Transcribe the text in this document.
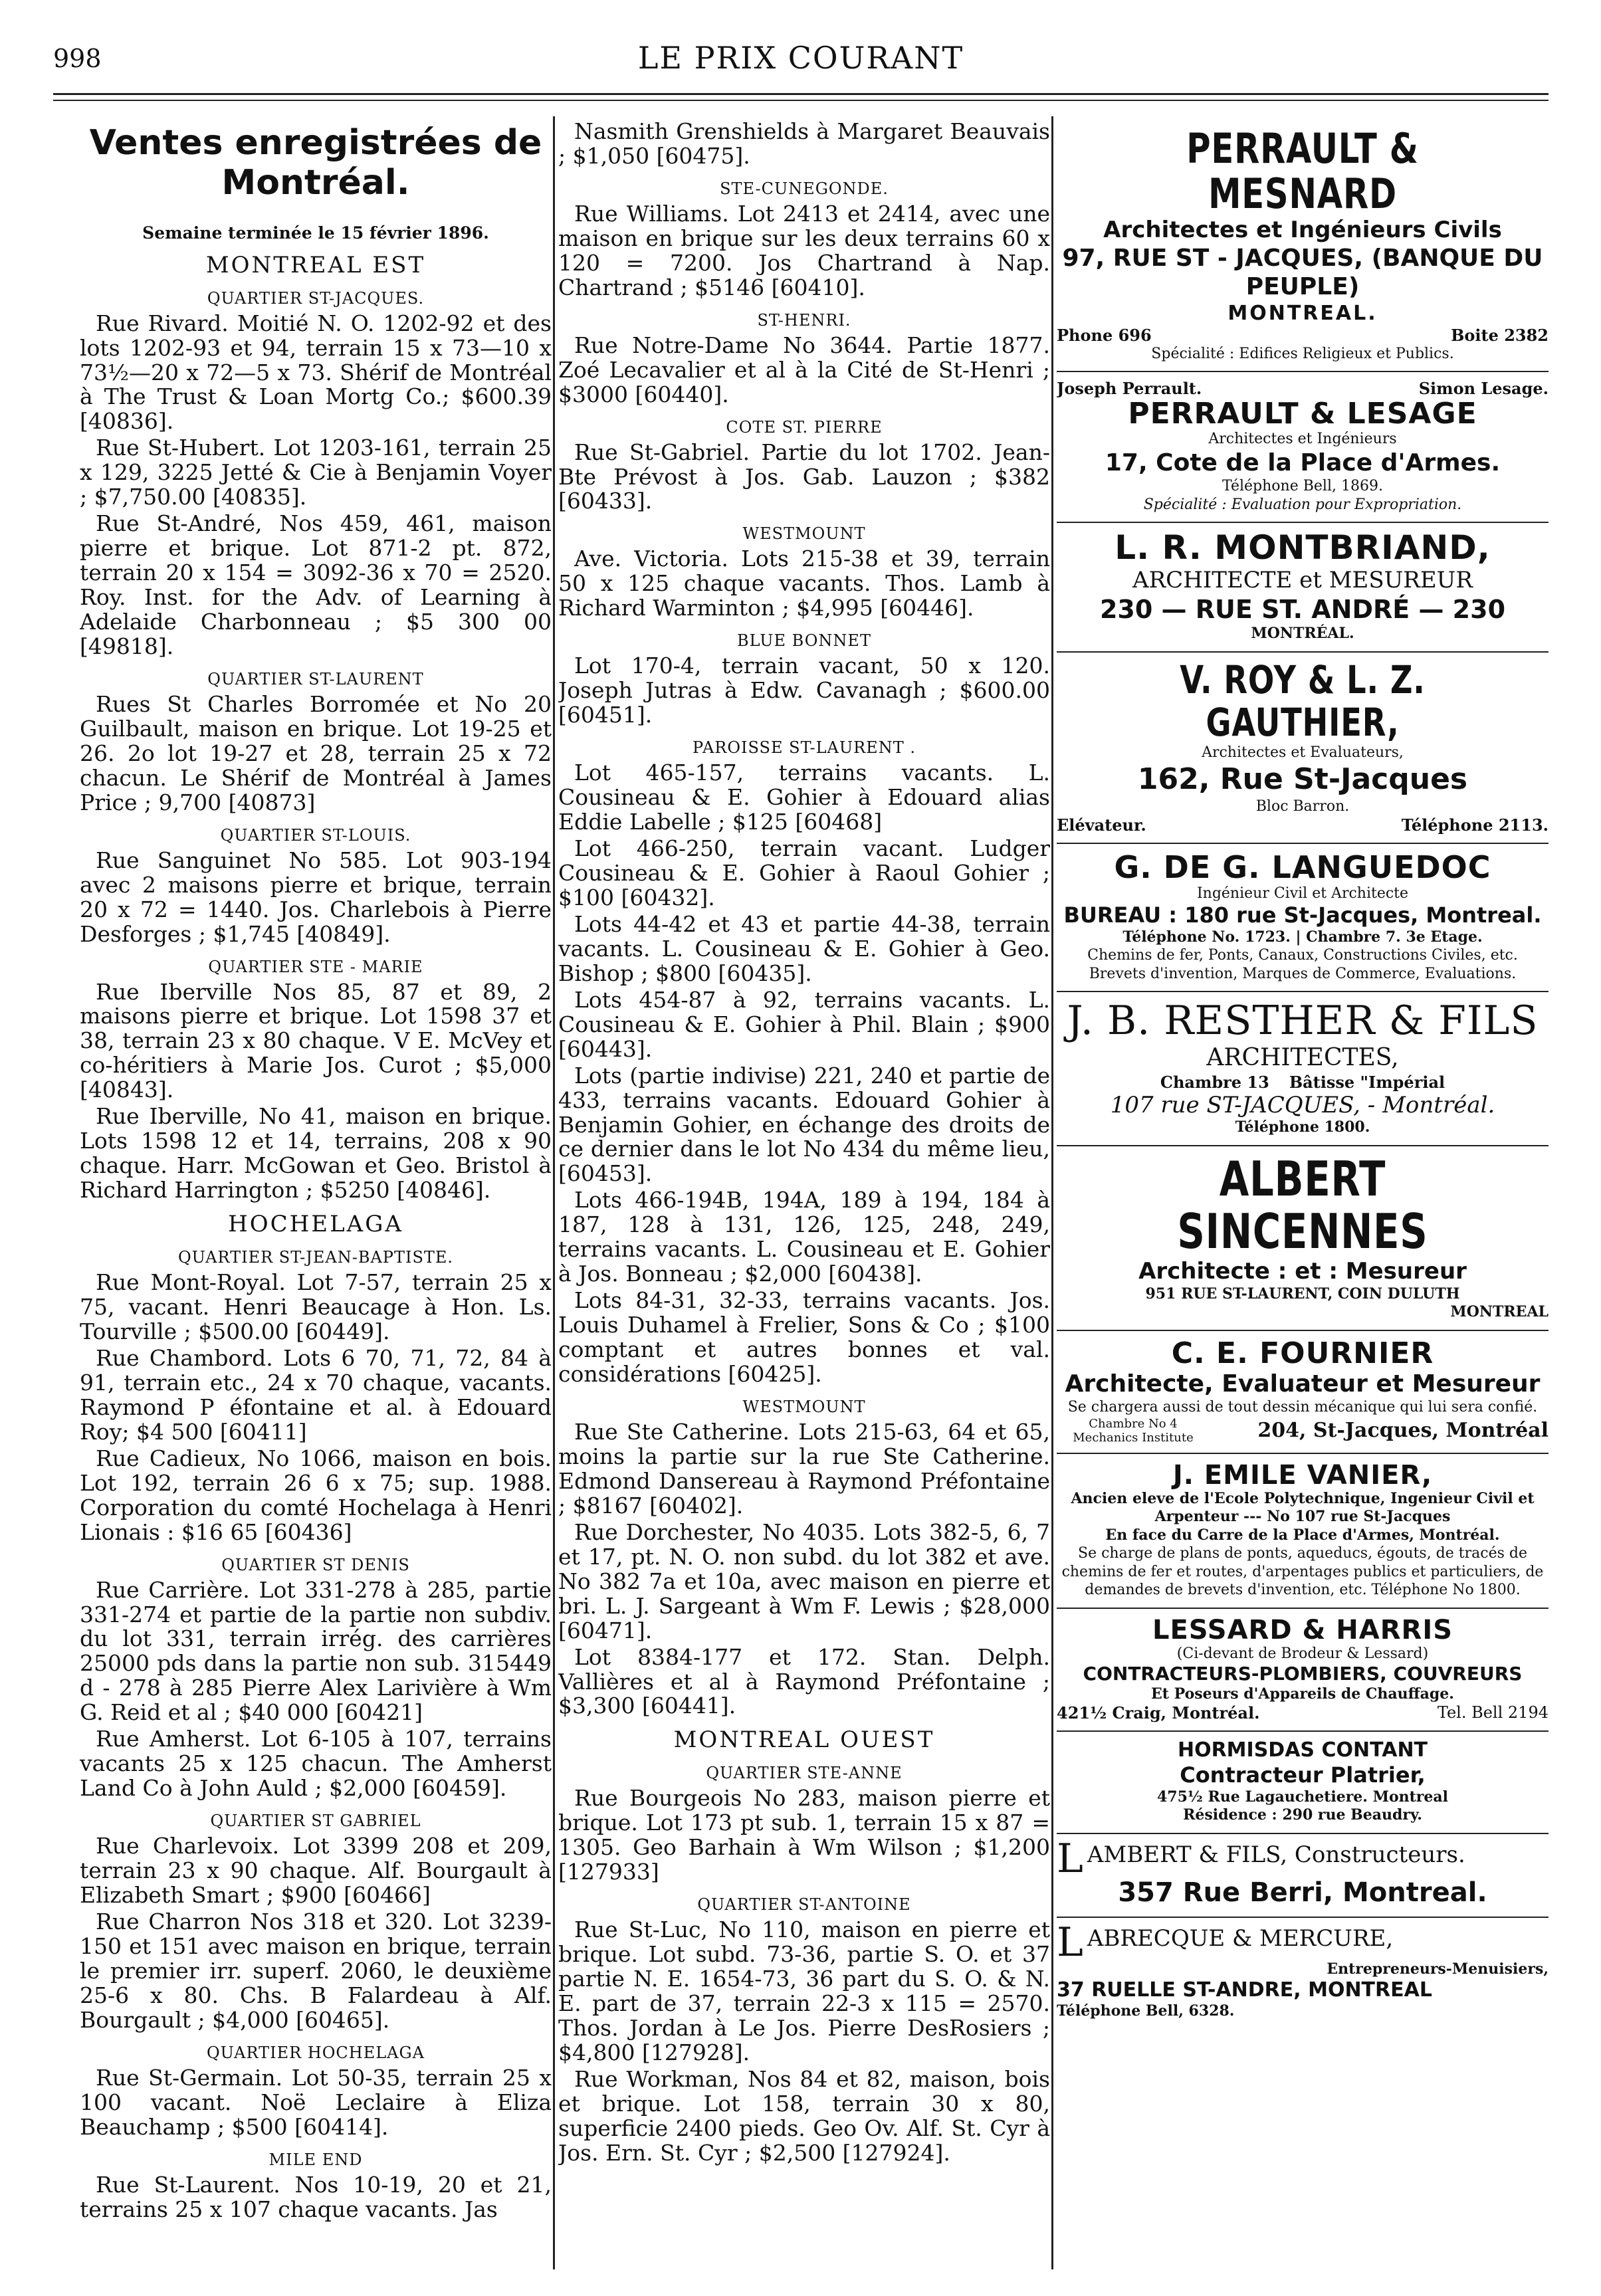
998	LE PRIX COURANT
Ventes enregistrées de Montréal.
Semaine terminée le 15 février 1896.
MONTREAL EST
QUARTIER ST-JACQUES.
Rue Rivard. Moitié N. O. 1202-92 et des lots 1202-93 et 94, terrain 15 x 73—10 x 73½—20 x 72—5 x 73. Shérif de Montréal à The Trust & Loan Mortg Co.; $600.39 [40836].
Rue St-Hubert. Lot 1203-161, terrain 25 x 129, 3225 Jetté & Cie à Benjamin Voyer ; $7,750.00 [40835].
Rue St-André, Nos 459, 461, maison pierre et brique. Lot 871-2 pt. 872, terrain 20 x 154 = 3092-36 x 70 = 2520. Roy. Inst. for the Adv. of Learning à Adelaide Charbonneau ; $5 300 00 [49818].
QUARTIER ST-LAURENT
Rues St Charles Borromée et No 20 Guilbault, maison en brique. Lot 19-25 et 26. 2o lot 19-27 et 28, terrain 25 x 72 chacun. Le Shérif de Montréal à James Price ; 9,700 [40873]
QUARTIER ST-LOUIS.
Rue Sanguinet No 585. Lot 903-194 avec 2 maisons pierre et brique, terrain 20 x 72 = 1440. Jos. Charlebois à Pierre Desforges ; $1,745 [40849].
QUARTIER STE - MARIE
Rue Iberville Nos 85, 87 et 89, 2 maisons pierre et brique. Lot 1598 37 et 38, terrain 23 x 80 chaque. V E. McVey et co-héritiers à Marie Jos. Curot ; $5,000 [40843].
Rue Iberville, No 41, maison en brique. Lots 1598 12 et 14, terrains, 208 x 90 chaque. Harr. McGowan et Geo. Bristol à Richard Harrington ; $5250 [40846].
HOCHELAGA
QUARTIER ST-JEAN-BAPTISTE.
Rue Mont-Royal. Lot 7-57, terrain 25 x 75, vacant. Henri Beaucage à Hon. Ls. Tourville ; $500.00 [60449].
Rue Chambord. Lots 6 70, 71, 72, 84 à 91, terrain etc., 24 x 70 chaque, vacants. Raymond P éfontaine et al. à Edouard Roy; $4 500 [60411]
Rue Cadieux, No 1066, maison en bois. Lot 192, terrain 26 6 x 75; sup. 1988. Corporation du comté Hochelaga à Henri Lionais : $16 65 [60436]
QUARTIER ST DENIS
Rue Carrière. Lot 331-278 à 285, partie 331-274 et partie de la partie non subdiv. du lot 331, terrain irrég. des carrières 25000 pds dans la partie non sub. 315449 d - 278 à 285 Pierre Alex Larivière à Wm G. Reid et al ; $40 000 [60421]
Rue Amherst. Lot 6-105 à 107, terrains vacants 25 x 125 chacun. The Amherst Land Co à John Auld ; $2,000 [60459].
QUARTIER ST GABRIEL
Rue Charlevoix. Lot 3399 208 et 209, terrain 23 x 90 chaque. Alf. Bourgault à Elizabeth Smart ; $900 [60466]
Rue Charron Nos 318 et 320. Lot 3239-150 et 151 avec maison en brique, terrain le premier irr. superf. 2060, le deuxième 25-6 x 80. Chs. B Falardeau à Alf. Bourgault ; $4,000 [60465].
QUARTIER HOCHELAGA
Rue St-Germain. Lot 50-35, terrain 25 x 100 vacant. Noë Leclaire à Eliza Beauchamp ; $500 [60414].
MILE END
Rue St-Laurent. Nos 10-19, 20 et 21, terrains 25 x 107 chaque vacants. Jas
Nasmith Grenshields à Margaret Beauvais ; $1,050 [60475].
STE-CUNEGONDE.
Rue Williams. Lot 2413 et 2414, avec une maison en brique sur les deux terrains 60 x 120 = 7200. Jos Chartrand à Nap. Chartrand ; $5146 [60410].
ST-HENRI.
Rue Notre-Dame No 3644. Partie 1877. Zoé Lecavalier et al à la Cité de St-Henri ; $3000 [60440].
COTE ST. PIERRE
Rue St-Gabriel. Partie du lot 1702. Jean-Bte Prévost à Jos. Gab. Lauzon ; $382 [60433].
WESTMOUNT
Ave. Victoria. Lots 215-38 et 39, terrain 50 x 125 chaque vacants. Thos. Lamb à Richard Warminton ; $4,995 [60446].
BLUE BONNET
Lot 170-4, terrain vacant, 50 x 120. Joseph Jutras à Edw. Cavanagh ; $600.00 [60451].
PAROISSE ST-LAURENT .
Lot 465-157, terrains vacants. L. Cousineau & E. Gohier à Edouard alias Eddie Labelle ; $125 [60468]
Lot 466-250, terrain vacant. Ludger Cousineau & E. Gohier à Raoul Gohier ; $100 [60432].
Lots 44-42 et 43 et partie 44-38, terrain vacants. L. Cousineau & E. Gohier à Geo. Bishop ; $800 [60435].
Lots 454-87 à 92, terrains vacants. L. Cousineau & E. Gohier à Phil. Blain ; $900 [60443].
Lots (partie indivise) 221, 240 et partie de 433, terrains vacants. Edouard Gohier à Benjamin Gohier, en échange des droits de ce dernier dans le lot No 434 du même lieu, [60453].
Lots 466-194B, 194A, 189 à 194, 184 à 187, 128 à 131, 126, 125, 248, 249, terrains vacants. L. Cousineau et E. Gohier à Jos. Bonneau ; $2,000 [60438].
Lots 84-31, 32-33, terrains vacants. Jos. Louis Duhamel à Frelier, Sons & Co ; $100 comptant et autres bonnes et val. considérations [60425].
WESTMOUNT
Rue Ste Catherine. Lots 215-63, 64 et 65, moins la partie sur la rue Ste Catherine. Edmond Dansereau à Raymond Préfontaine ; $8167 [60402].
Rue Dorchester, No 4035. Lots 382-5, 6, 7 et 17, pt. N. O. non subd. du lot 382 et ave. No 382 7a et 10a, avec maison en pierre et bri. L. J. Sargeant à Wm F. Lewis ; $28,000 [60471].
Lot 8384-177 et 172. Stan. Delph. Vallières et al à Raymond Préfontaine ; $3,300 [60441].
MONTREAL OUEST
QUARTIER STE-ANNE
Rue Bourgeois No 283, maison pierre et brique. Lot 173 pt sub. 1, terrain 15 x 87 = 1305. Geo Barhain à Wm Wilson ; $1,200 [127933]
QUARTIER ST-ANTOINE
Rue St-Luc, No 110, maison en pierre et brique. Lot subd. 73-36, partie S. O. et 37 partie N. E. 1654-73, 36 part du S. O. & N. E. part de 37, terrain 22-3 x 115 = 2570. Thos. Jordan à Le Jos. Pierre DesRosiers ; $4,800 [127928].
Rue Workman, Nos 84 et 82, maison, bois et brique. Lot 158, terrain 30 x 80, superficie 2400 pieds. Geo Ov. Alf. St. Cyr à Jos. Ern. St. Cyr ; $2,500 [127924].
PERRAULT & MESNARD
Architectes et Ingénieurs Civils
97, RUE ST - JACQUES, (BANQUE DU PEUPLE)
MONTREAL.
Phone 696	Boite 2382
Spécialité : Edifices Religieux et Publics.
Joseph Perrault.	Simon Lesage.
PERRAULT & LESAGE
Architectes et Ingénieurs
17, Cote de la Place d'Armes.
Téléphone Bell, 1869.
Spécialité : Evaluation pour Expropriation.
L. R. MONTBRIAND,
ARCHITECTE et MESUREUR
230 — RUE ST. ANDRÉ — 230
MONTRÉAL.
V. ROY & L. Z. GAUTHIER,
Architectes et Evaluateurs,
162, Rue St-Jacques
Bloc Barron.
Elévateur.	Téléphone 2113.
G. DE G. LANGUEDOC
Ingénieur Civil et Architecte
BUREAU : 180 rue St-Jacques, Montreal.
Téléphone No. 1723. | Chambre 7. 3e Etage.
Chemins de fer, Ponts, Canaux, Constructions Civiles, etc. Brevets d'invention, Marques de Commerce, Evaluations.
J. B. RESTHER & FILS
ARCHITECTES,
Chambre 13 Bâtisse "Impérial
107 rue ST-JACQUES, - Montréal.
Téléphone 1800.
ALBERT SINCENNES
Architecte : et : Mesureur
951 RUE ST-LAURENT, COIN DULUTH
MONTREAL
C. E. FOURNIER
Architecte, Evaluateur et Mesureur
Se chargera aussi de tout dessin mécanique qui lui sera confié.
Chambre No 4 Mechanics Institute	204, St-Jacques, Montréal
J. EMILE VANIER,
Ancien eleve de l'Ecole Polytechnique, Ingenieur Civil et Arpenteur --- No 107 rue St-Jacques
En face du Carre de la Place d'Armes, Montréal.
Se charge de plans de ponts, aqueducs, égouts, de tracés de chemins de fer et routes, d'arpentages publics et particuliers, de demandes de brevets d'invention, etc. Téléphone No 1800.
LESSARD & HARRIS
(Ci-devant de Brodeur & Lessard)
CONTRACTEURS-PLOMBIERS, COUVREURS
Et Poseurs d'Appareils de Chauffage.
421½ Craig, Montréal.	Tel. Bell 2194
HORMISDAS CONTANT
Contracteur Platrier,
475½ Rue Lagauchetiere. Montreal
Résidence : 290 rue Beaudry.
LAMBERT & FILS, Constructeurs.
357 Rue Berri, Montreal.
LABRECQUE & MERCURE,
Entrepreneurs-Menuisiers,
37 RUELLE ST-ANDRE, MONTREAL
Téléphone Bell, 6328.
